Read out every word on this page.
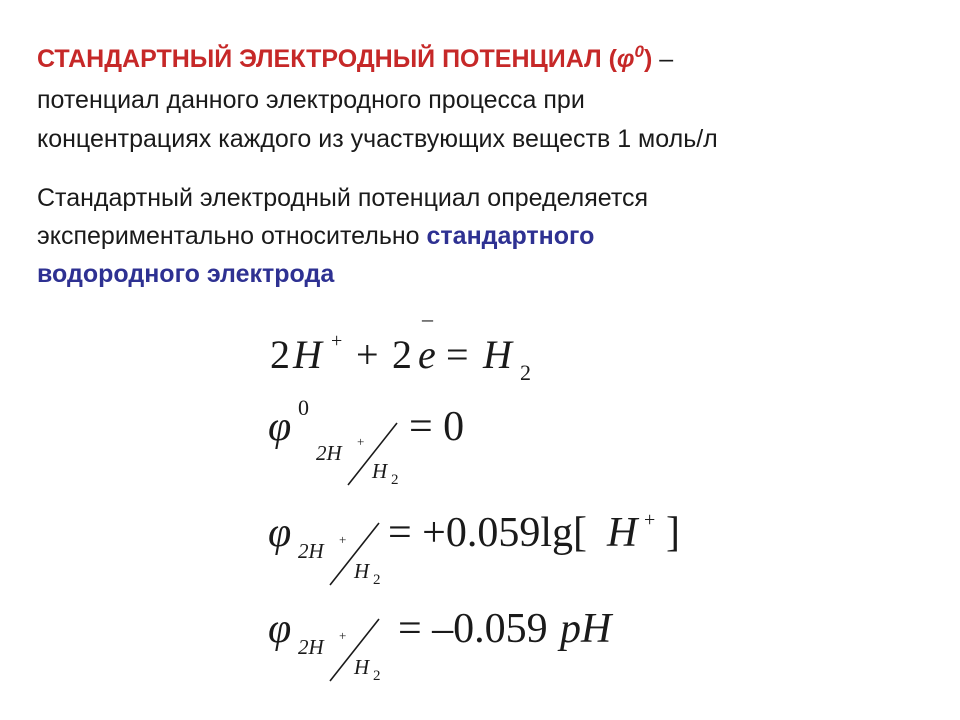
СТАНДАРТНЫЙ ЭЛЕКТРОДНЫЙ ПОТЕНЦИАЛ $(\varphi^0)$ –
потенциал данного электродного процесса при
концентрациях каждого из участвующих веществ 1 моль/л
Стандартный электродный потенциал определяется
экспериментально относительно стандартного
водородного электрода
2 H + + 2
–
e = H 2
φ 0
2H +
H 2
= 0
φ 2H +
H 2
= +0.059lg[ H + ]
φ 2H +
H 2
= –0.059 pH
